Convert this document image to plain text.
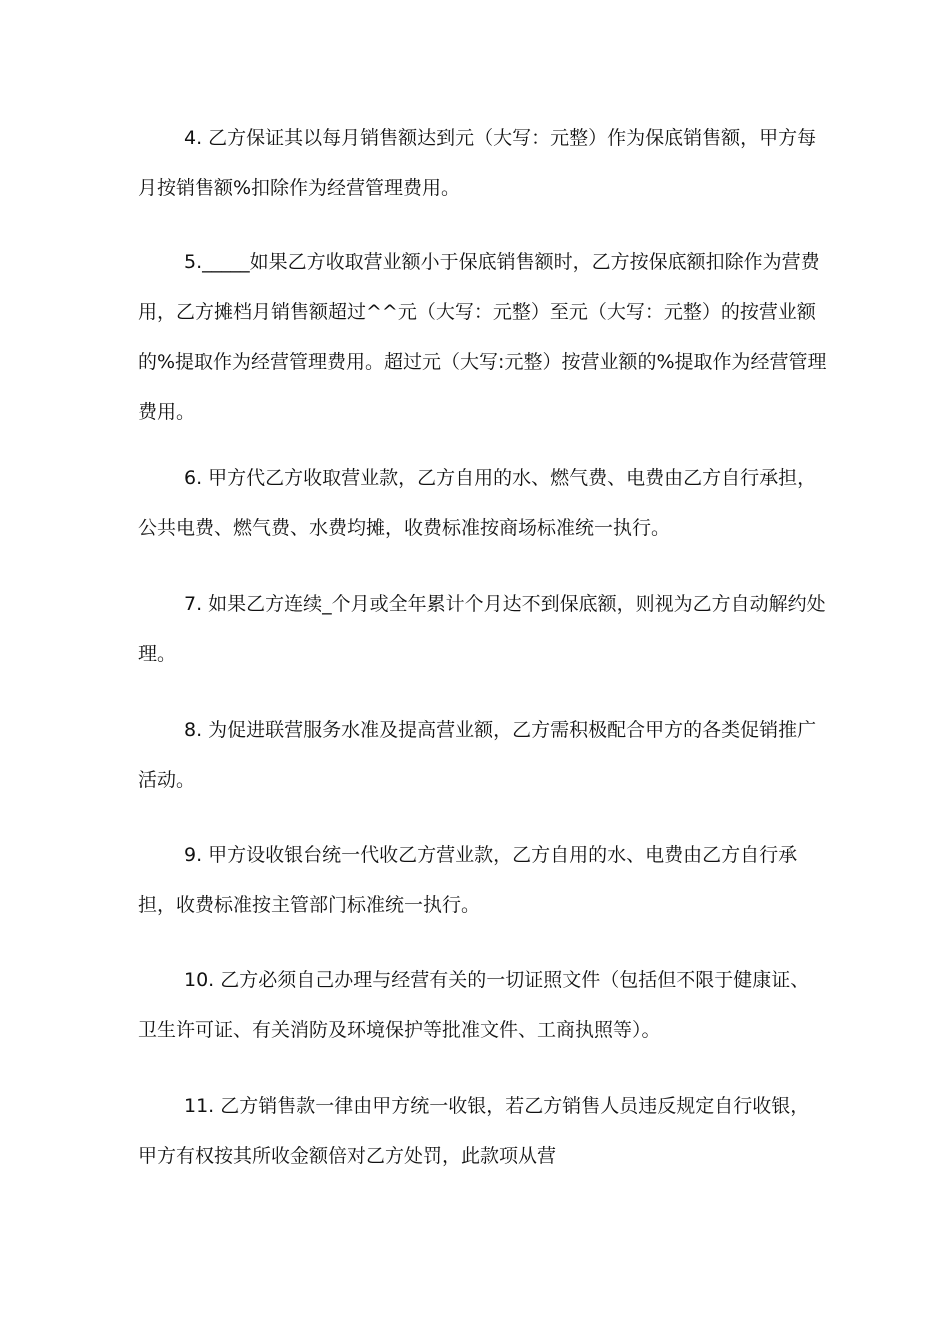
4. 乙方保证其以每月销售额达到元（大写：元整）作为保底销售额，甲方每月按销售额%扣除作为经营管理费用。

5._____如果乙方收取营业额小于保底销售额时，乙方按保底额扣除作为营费用，乙方摊档月销售额超过^^元（大写：元整）至元（大写：元整）的按营业额的%提取作为经营管理费用。超过元（大写:元整）按营业额的%提取作为经营管理费用。

6. 甲方代乙方收取营业款，乙方自用的水、燃气费、电费由乙方自行承担，公共电费、燃气费、水费均摊，收费标准按商场标准统一执行。

7. 如果乙方连续_个月或全年累计个月达不到保底额，则视为乙方自动解约处理。

8. 为促进联营服务水准及提高营业额，乙方需积极配合甲方的各类促销推广活动。

9. 甲方设收银台统一代收乙方营业款，乙方自用的水、电费由乙方自行承担，收费标准按主管部门标准统一执行。

10. 乙方必须自己办理与经营有关的一切证照文件（包括但不限于健康证、卫生许可证、有关消防及环境保护等批准文件、工商执照等）。

11. 乙方销售款一律由甲方统一收银，若乙方销售人员违反规定自行收银，甲方有权按其所收金额倍对乙方处罚，此款项从营
